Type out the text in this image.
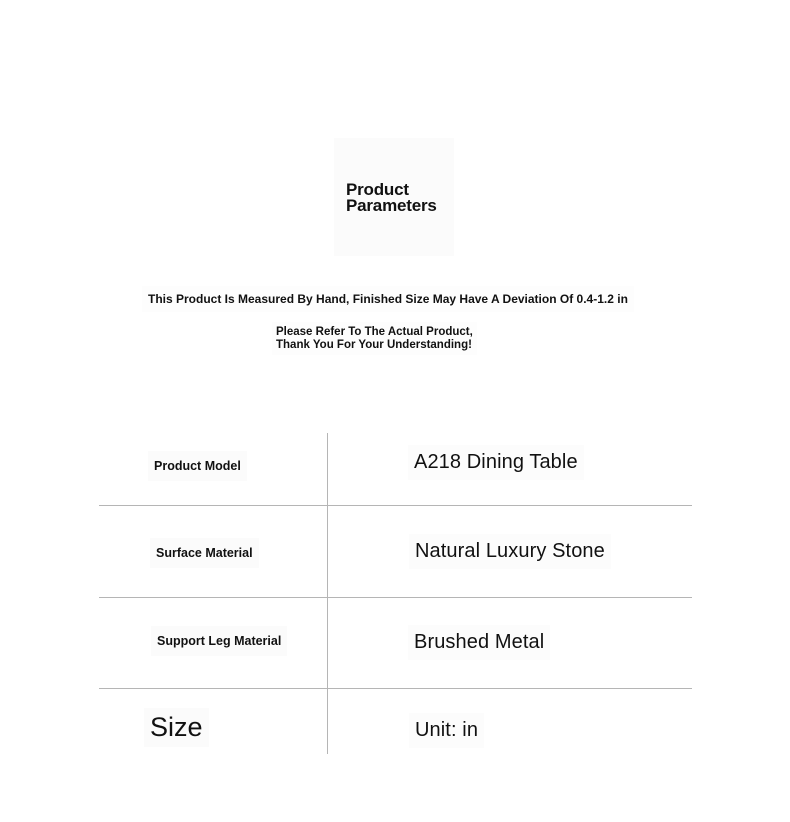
Product
Parameters
This Product Is Measured By Hand, Finished Size May Have A Deviation Of 0.4-1.2 in
Please Refer To The Actual Product,
Thank You For Your Understanding!
Product Model	A218 Dining Table
Surface Material	Natural Luxury Stone
Support Leg Material	Brushed Metal
Size	Unit: in
